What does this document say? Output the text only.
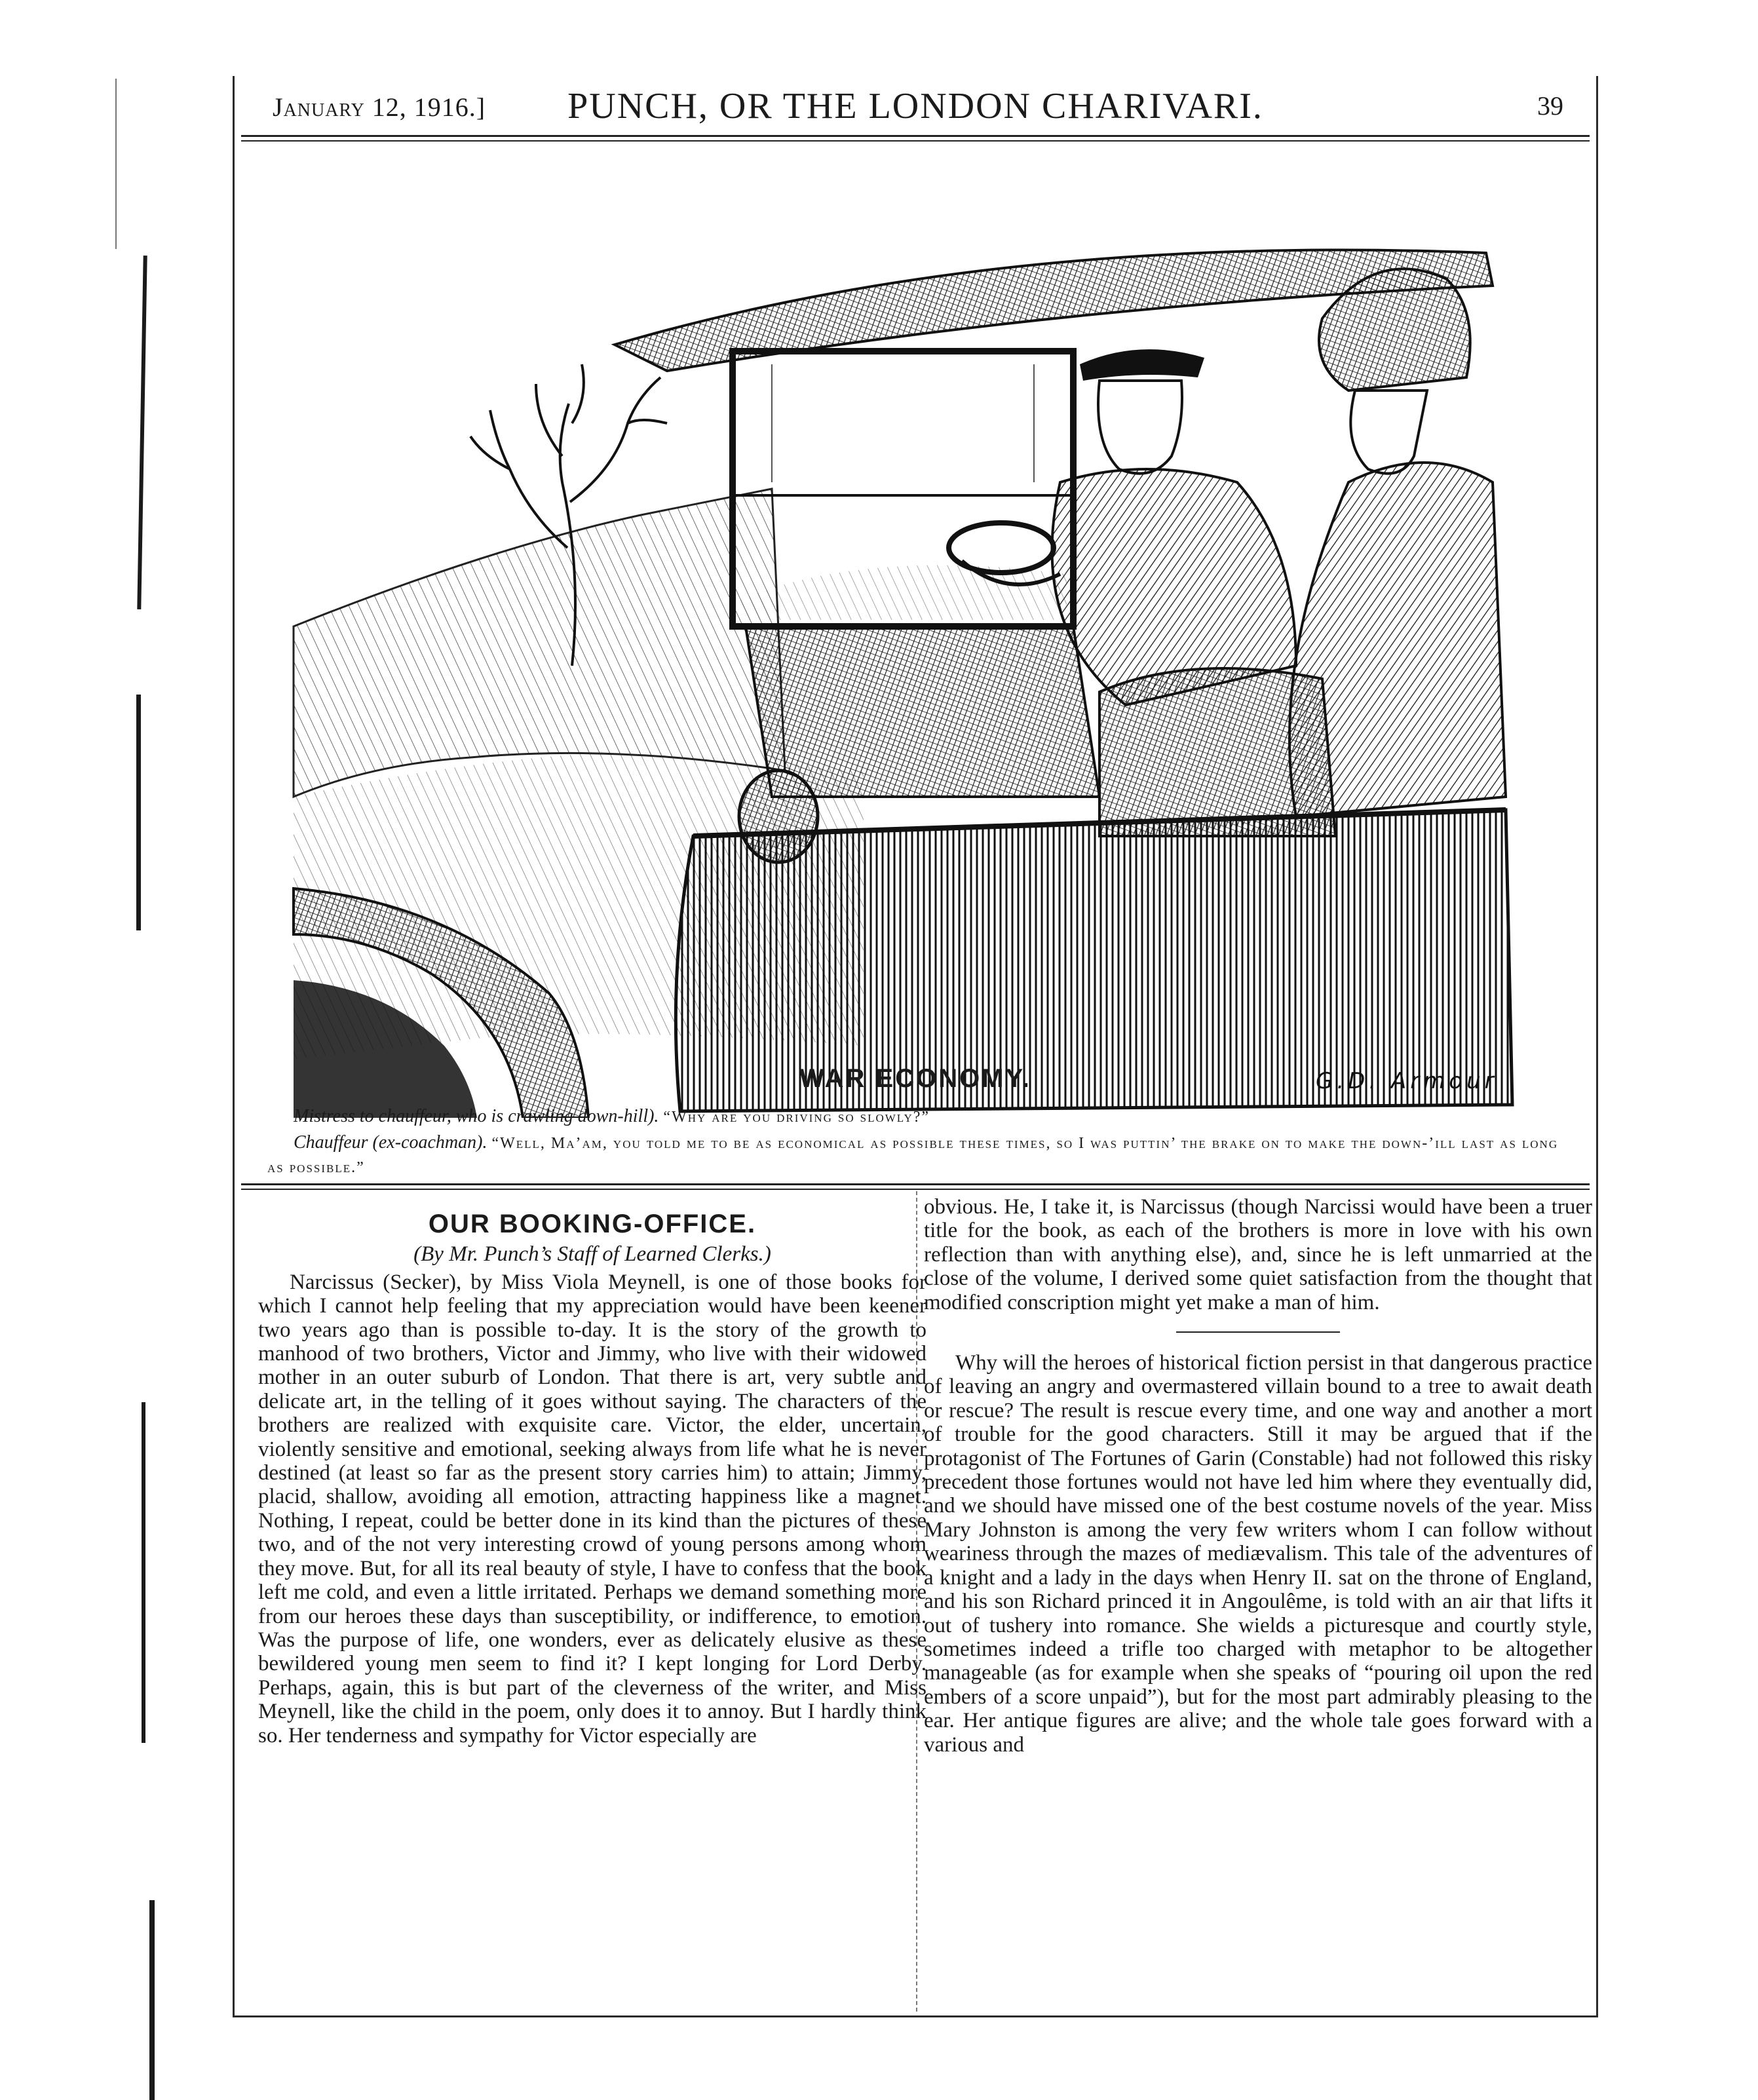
January 12, 1916.]	PUNCH, OR THE LONDON CHARIVARI.	39
G.D. Armour
WAR ECONOMY.
Mistress to chauffeur, who is crawling down-hill). “Why are you driving so slowly?”
Chauffeur (ex-coachman). “Well, Ma’am, you told me to be as economical as possible these times, so I was puttin’ the brake on to make the down-’ill last as long as possible.”
OUR BOOKING-OFFICE.
(By Mr. Punch’s Staff of Learned Clerks.)

Narcissus (Secker), by Miss Viola Meynell, is one of those books for which I cannot help feeling that my appreciation would have been keener two years ago than is possible to-day. It is the story of the growth to manhood of two brothers, Victor and Jimmy, who live with their widowed mother in an outer suburb of London. That there is art, very subtle and delicate art, in the telling of it goes without saying. The characters of the brothers are realized with exquisite care. Victor, the elder, uncertain, violently sensitive and emotional, seeking always from life what he is never destined (at least so far as the present story carries him) to attain; Jimmy, placid, shallow, avoiding all emotion, attracting happiness like a magnet. Nothing, I repeat, could be better done in its kind than the pictures of these two, and of the not very interesting crowd of young persons among whom they move. But, for all its real beauty of style, I have to confess that the book left me cold, and even a little irritated. Perhaps we demand something more from our heroes these days than susceptibility, or indifference, to emotion. Was the purpose of life, one wonders, ever as delicately elusive as these bewildered young men seem to find it? I kept longing for Lord Derby. Perhaps, again, this is but part of the cleverness of the writer, and Miss Meynell, like the child in the poem, only does it to annoy. But I hardly think so. Her tenderness and sympathy for Victor especially are

obvious. He, I take it, is Narcissus (though Narcissi would have been a truer title for the book, as each of the brothers is more in love with his own reflection than with anything else), and, since he is left unmarried at the close of the volume, I derived some quiet satisfaction from the thought that modified conscription might yet make a man of him.

Why will the heroes of historical fiction persist in that dangerous practice of leaving an angry and overmastered villain bound to a tree to await death or rescue? The result is rescue every time, and one way and another a mort of trouble for the good characters. Still it may be argued that if the protagonist of The Fortunes of Garin (Constable) had not followed this risky precedent those fortunes would not have led him where they eventually did, and we should have missed one of the best costume novels of the year. Miss Mary Johnston is among the very few writers whom I can follow without weariness through the mazes of mediævalism. This tale of the adventures of a knight and a lady in the days when Henry II. sat on the throne of England, and his son Richard princed it in Angoulême, is told with an air that lifts it out of tushery into romance. She wields a picturesque and courtly style, sometimes indeed a trifle too charged with metaphor to be altogether manageable (as for example when she speaks of “pouring oil upon the red embers of a score unpaid”), but for the most part admirably pleasing to the ear. Her antique figures are alive; and the whole tale goes forward with a various and
